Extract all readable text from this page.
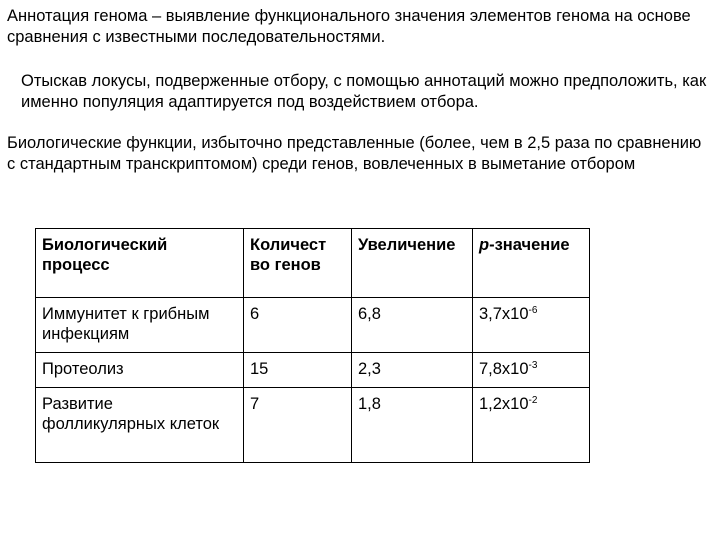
Аннотация генома – выявление функционального значения элементов генома на основе сравнения с известными последовательностями.

Отыскав локусы, подверженные отбору, с помощью аннотаций можно предположить, как именно популяция адаптируется под воздействием отбора.

Биологические функции, избыточно представленные (более, чем в 2,5 раза по сравнению с стандартным транскриптомом) среди генов, вовлеченных в выметание отбором

Биологический процесс	Количест во генов	Увеличение	p-значение
Иммунитет к грибным инфекциям	6	6,8	$3,7x10^{-6}$
Протеолиз	15	2,3	$7,8x10^{-3}$
Развитие фолликулярных клеток	7	1,8	$1,2x10^{-2}$
